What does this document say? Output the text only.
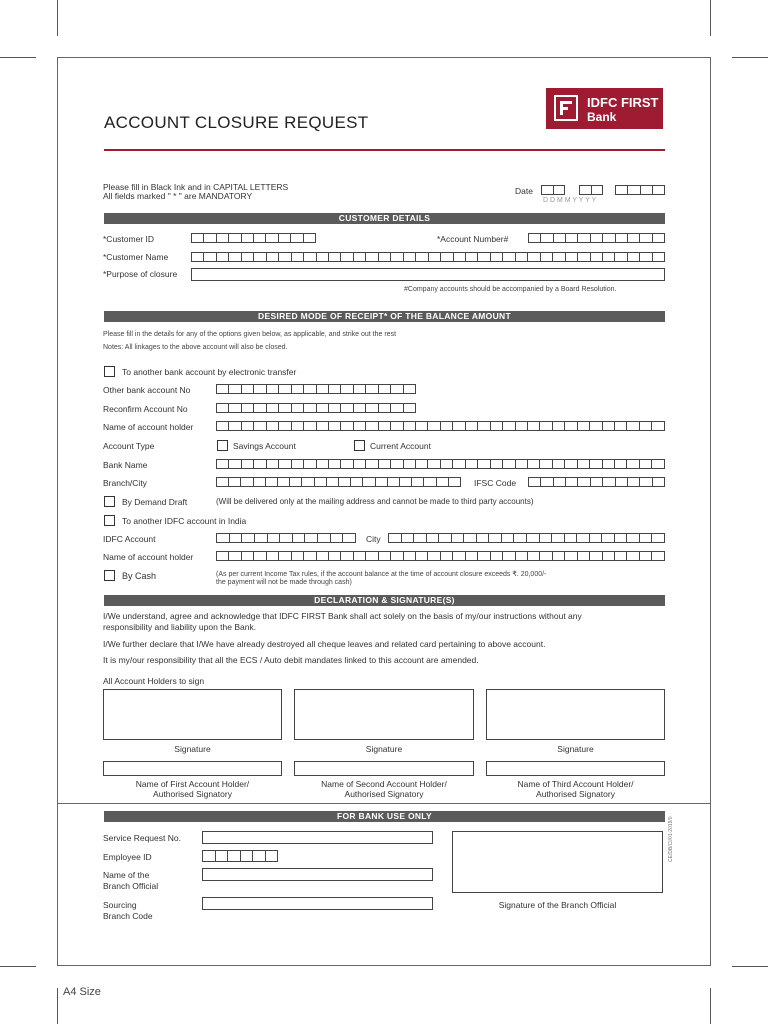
ACCOUNT CLOSURE REQUEST
IDFC FIRST
Bank
Please fill in Black Ink and in CAPITAL LETTERS
All fields marked " * " are MANDATORY	Date
D D M M Y Y Y Y
CUSTOMER DETAILS
*Customer ID	*Account Number#
*Customer Name
*Purpose of closure
#Company accounts should be accompanied by a Board Resolution.
DESIRED MODE OF RECEIPT* OF THE BALANCE AMOUNT
Please fill in the details for any of the options given below, as applicable, and strike out the rest
Notes: All linkages to the above account will also be closed.
To another bank account by electronic transfer
Other bank account No
Reconfirm Account No
Name of account holder
Account Type	Savings Account	Current Account
Bank Name
Branch/City	IFSC Code
By Demand Draft	(Will be delivered only at the mailing address and cannot be made to third party accounts)
To another IDFC account in India
IDFC Account	City
Name of account holder
By Cash	(As per current Income Tax rules, if the account balance at the time of account closure exceeds ₹. 20,000/-
the payment will not be made through cash)
DECLARATION & SIGNATURE(S)
I/We understand, agree and acknowledge that IDFC FIRST Bank shall act solely on the basis of my/our instructions without any
responsibility and liability upon the Bank.
I/We further declare that I/We have already destroyed all cheque leaves and related card pertaining to above account.
It is my/our responsibility that all the ECS / Auto debit mandates linked to this account are amended.
All Account Holders to sign
Signature	Signature	Signature
Name of First Account Holder/
Authorised Signatory
Name of Second Account Holder/
Authorised Signatory
Name of Third Account Holder/
Authorised Signatory
FOR BANK USE ONLY
Service Request No.
Employee ID
Name of the
Branch Official
Sourcing
Branch Code
Signature of the Branch Official
CE/DB/CI/01-2019/0
A4 Size
